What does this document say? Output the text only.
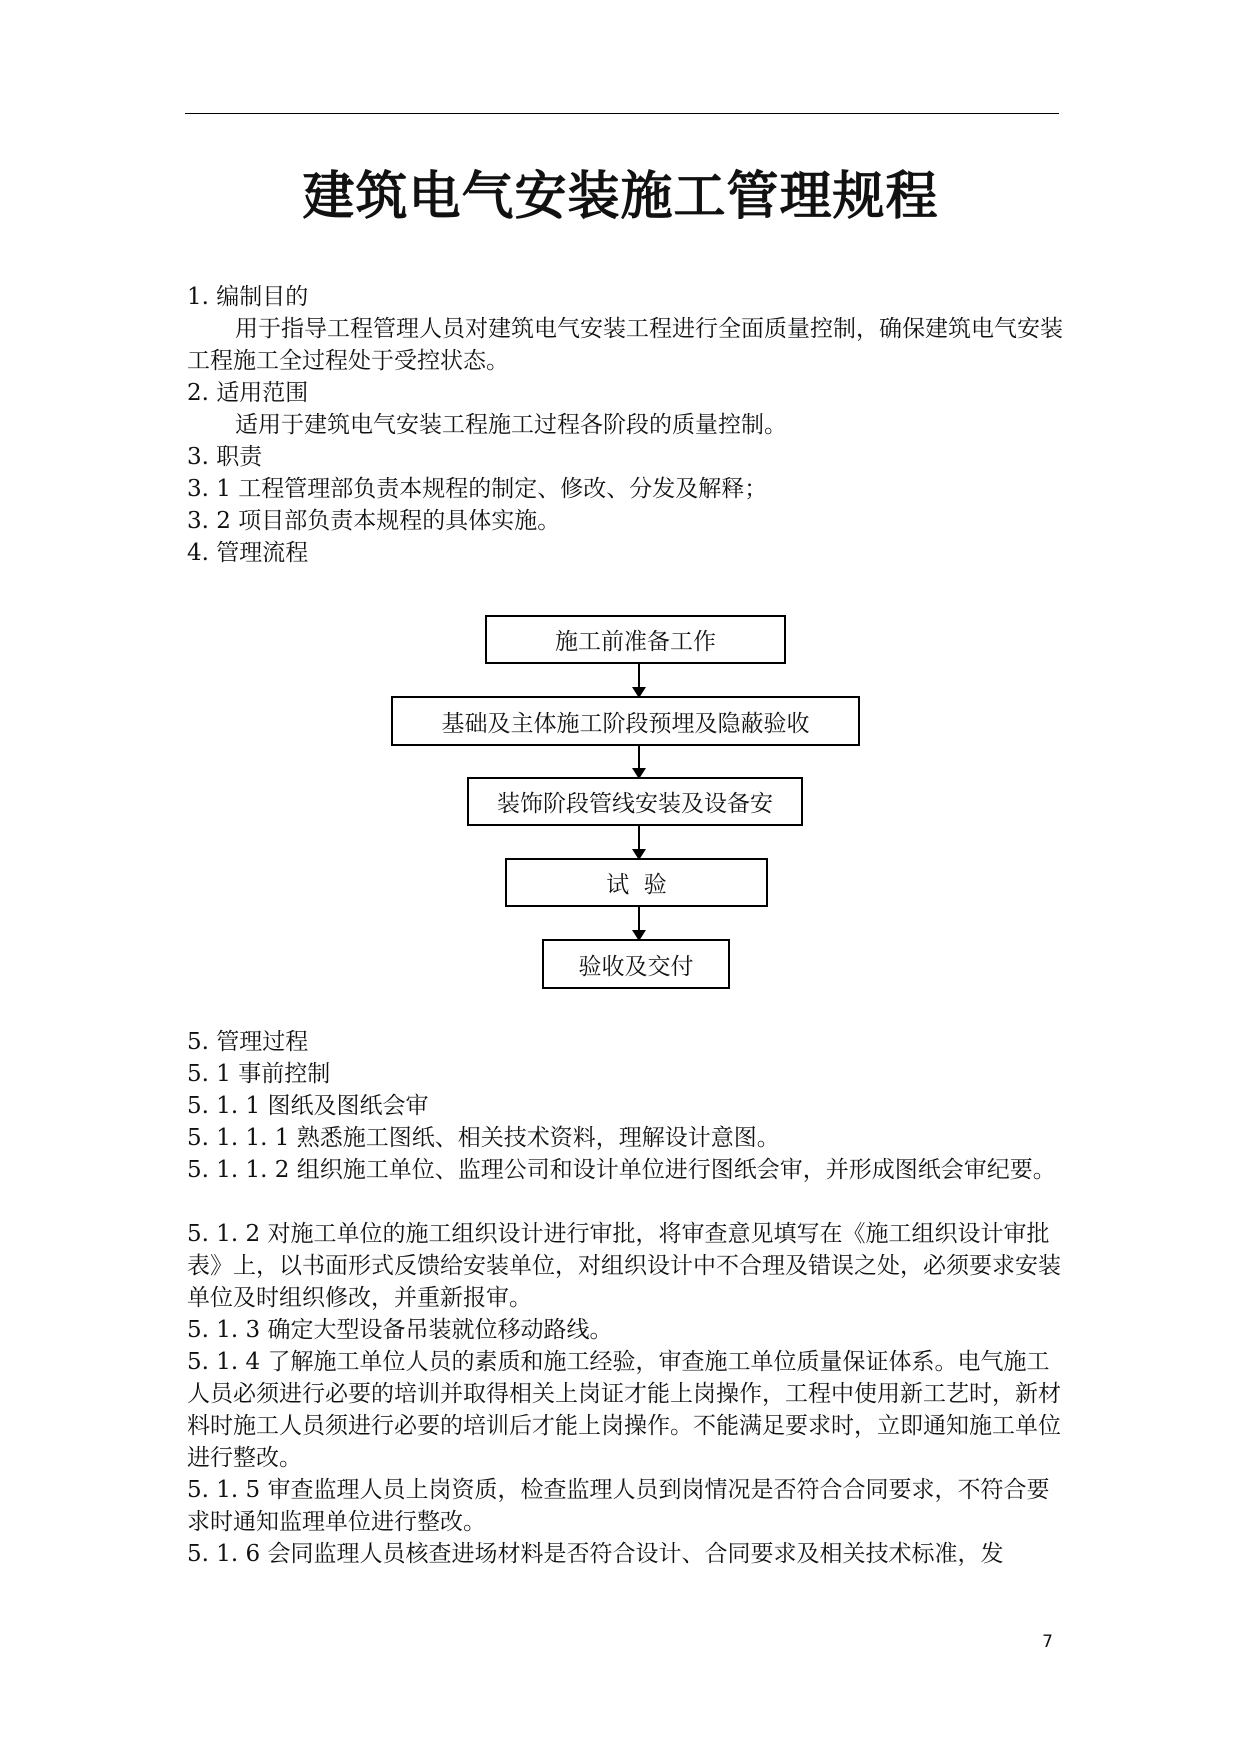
建筑电气安装施工管理规程
1. 编制目的
用于指导工程管理人员对建筑电气安装工程进行全面质量控制，确保建筑电气安装工程施工全过程处于受控状态。
2. 适用范围
适用于建筑电气安装工程施工过程各阶段的质量控制。
3. 职责
3. 1 工程管理部负责本规程的制定、修改、分发及解释；
3. 2 项目部负责本规程的具体实施。
4. 管理流程
施工前准备工作
基础及主体施工阶段预埋及隐蔽验收
装饰阶段管线安装及设备安
试  验
验收及交付
5. 管理过程
5. 1 事前控制
5. 1. 1 图纸及图纸会审
5. 1. 1. 1 熟悉施工图纸、相关技术资料，理解设计意图。
5. 1. 1. 2 组织施工单位、监理公司和设计单位进行图纸会审，并形成图纸会审纪要。
5. 1. 2 对施工单位的施工组织设计进行审批，将审查意见填写在《施工组织设计审批表》上，以书面形式反馈给安装单位，对组织设计中不合理及错误之处，必须要求安装单位及时组织修改，并重新报审。
5. 1. 3 确定大型设备吊装就位移动路线。
5. 1. 4 了解施工单位人员的素质和施工经验，审查施工单位质量保证体系。电气施工人员必须进行必要的培训并取得相关上岗证才能上岗操作，工程中使用新工艺时，新材料时施工人员须进行必要的培训后才能上岗操作。不能满足要求时，立即通知施工单位进行整改。
5. 1. 5 审查监理人员上岗资质，检查监理人员到岗情况是否符合合同要求，不符合要求时通知监理单位进行整改。
5. 1. 6 会同监理人员核查进场材料是否符合设计、合同要求及相关技术标准，发
7
